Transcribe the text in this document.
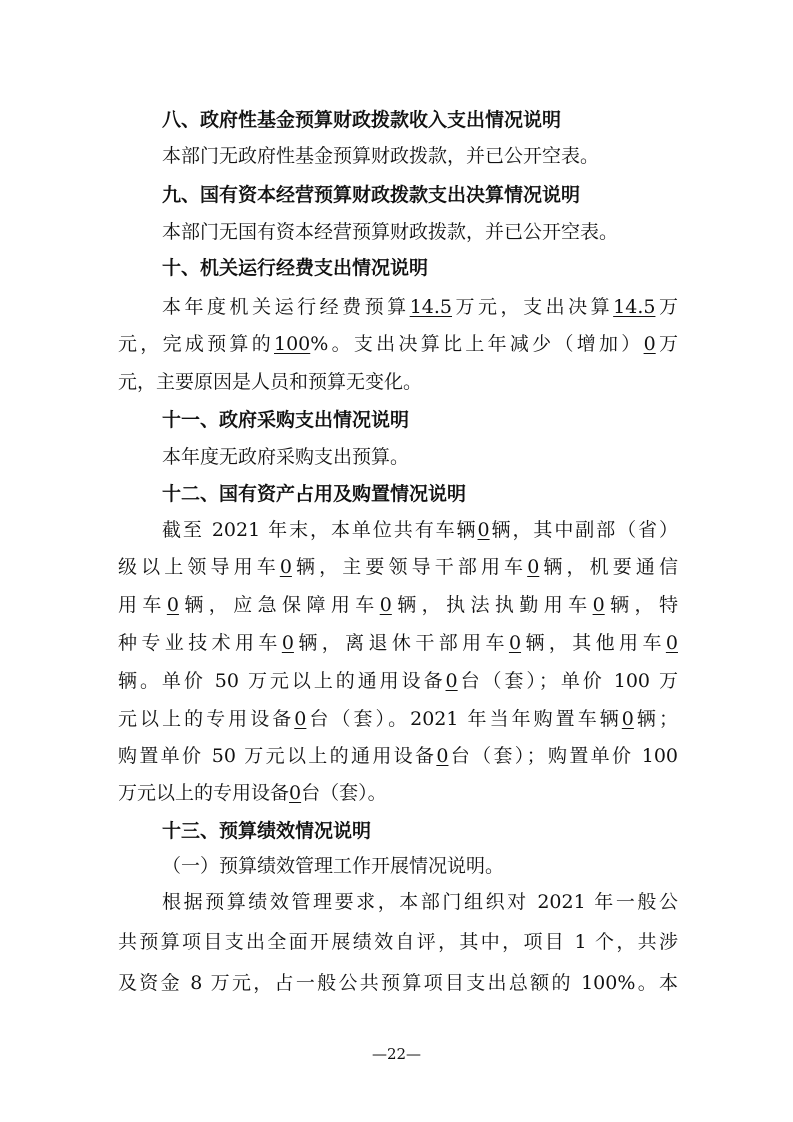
八、政府性基金预算财政拨款收入支出情况说明
本部门无政府性基金预算财政拨款，并已公开空表。
九、国有资本经营预算财政拨款支出决算情况说明
本部门无国有资本经营预算财政拨款，并已公开空表。
十、机关运行经费支出情况说明
本年度机关运行经费预算14.5万元，支出决算14.5万
元，完成预算的100%。支出决算比上年减少（增加）0万
元，主要原因是人员和预算无变化。
十一、政府采购支出情况说明
本年度无政府采购支出预算。
十二、国有资产占用及购置情况说明
截至 2021 年末，本单位共有车辆0辆，其中副部（省）
级以上领导用车0辆，主要领导干部用车0辆，机要通信
用车0辆，应急保障用车0辆，执法执勤用车0辆，特
种专业技术用车0辆，离退休干部用车0辆，其他用车0
辆。单价 50 万元以上的通用设备0台（套）；单价 100 万
元以上的专用设备0台（套）。2021 年当年购置车辆0辆；
购置单价 50 万元以上的通用设备0台（套）；购置单价 100
万元以上的专用设备0台（套）。
十三、预算绩效情况说明
（一）预算绩效管理工作开展情况说明。
根据预算绩效管理要求，本部门组织对 2021 年一般公
共预算项目支出全面开展绩效自评，其中，项目 1 个，共涉
及资金 8 万元，占一般公共预算项目支出总额的 100%。本
—22—
